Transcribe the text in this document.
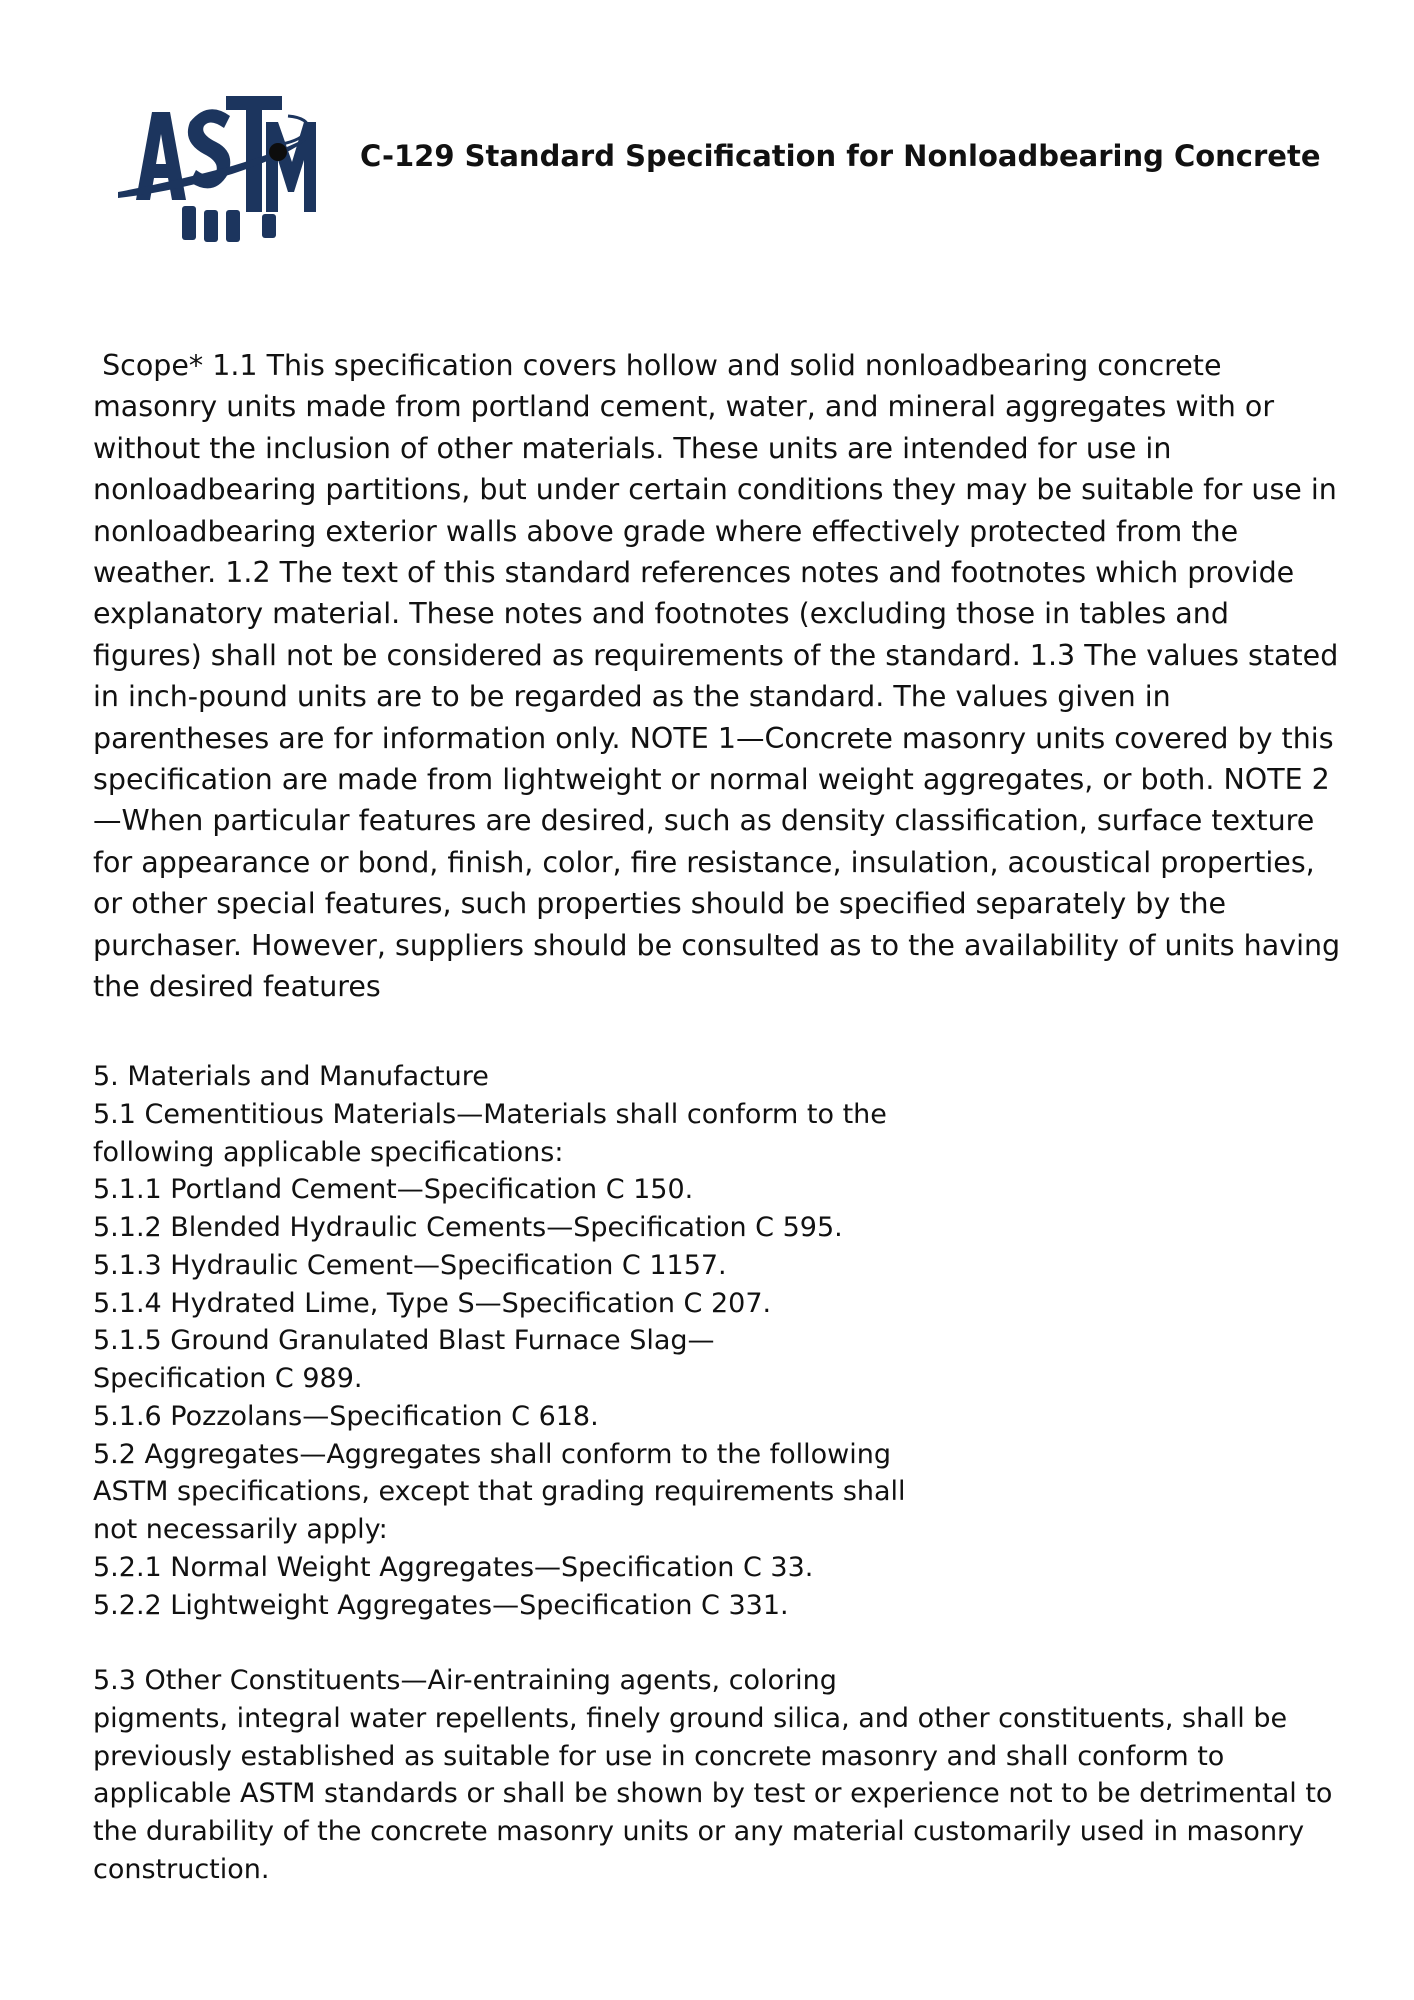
C-129 Standard Specification for Nonloadbearing Concrete

Scope* 1.1 This specification covers hollow and solid nonloadbearing concrete masonry units made from portland cement, water, and mineral aggregates with or without the inclusion of other materials. These units are intended for use in nonloadbearing partitions, but under certain conditions they may be suitable for use in nonloadbearing exterior walls above grade where effectively protected from the weather. 1.2 The text of this standard references notes and footnotes which provide explanatory material. These notes and footnotes (excluding those in tables and figures) shall not be considered as requirements of the standard. 1.3 The values stated in inch-pound units are to be regarded as the standard. The values given in parentheses are for information only. NOTE 1—Concrete masonry units covered by this specification are made from lightweight or normal weight aggregates, or both. NOTE 2—When particular features are desired, such as density classification, surface texture for appearance or bond, finish, color, fire resistance, insulation, acoustical properties, or other special features, such properties should be specified separately by the purchaser. However, suppliers should be consulted as to the availability of units having the desired features

5. Materials and Manufacture
5.1 Cementitious Materials—Materials shall conform to the
following applicable specifications:
5.1.1 Portland Cement—Specification C 150.
5.1.2 Blended Hydraulic Cements—Specification C 595.
5.1.3 Hydraulic Cement—Specification C 1157.
5.1.4 Hydrated Lime, Type S—Specification C 207.
5.1.5 Ground Granulated Blast Furnace Slag—
Specification C 989.
5.1.6 Pozzolans—Specification C 618.
5.2 Aggregates—Aggregates shall conform to the following
ASTM specifications, except that grading requirements shall
not necessarily apply:
5.2.1 Normal Weight Aggregates—Specification C 33.
5.2.2 Lightweight Aggregates—Specification C 331.
5.3 Other Constituents—Air-entraining agents, coloring
pigments, integral water repellents, finely ground silica, and other constituents, shall be previously established as suitable for use in concrete masonry and shall conform to applicable ASTM standards or shall be shown by test or experience not to be detrimental to the durability of the concrete masonry units or any material customarily used in masonry construction.
